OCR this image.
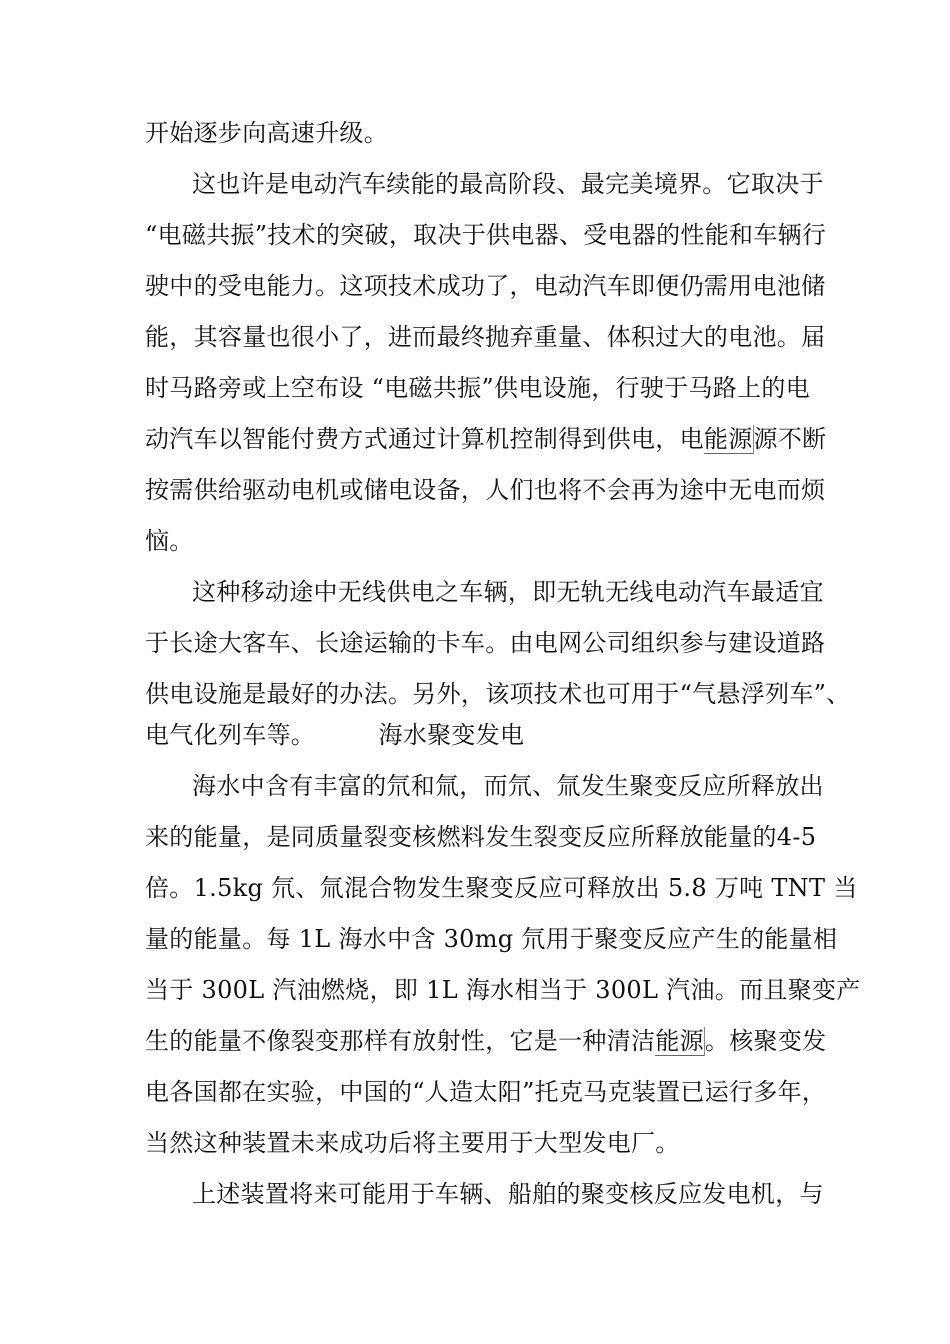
开始逐步向高速升级。
这也许是电动汽车续能的最高阶段、最完美境界。它取决于
“电磁共振”技术的突破，取决于供电器、受电器的性能和车辆行
驶中的受电能力。这项技术成功了，电动汽车即便仍需用电池储
能，其容量也很小了，进而最终抛弃重量、体积过大的电池。届
时马路旁或上空布设 “电磁共振”供电设施，行驶于马路上的电
动汽车以智能付费方式通过计算机控制得到供电，电能源源不断
按需供给驱动电机或储电设备，人们也将不会再为途中无电而烦
恼。
这种移动途中无线供电之车辆，即无轨无线电动汽车最适宜
于长途大客车、长途运输的卡车。由电网公司组织参与建设道路
供电设施是最好的办法。另外，该项技术也可用于“气悬浮列车”、
电气化列车等。        海水聚变发电
海水中含有丰富的氘和氚，而氘、氚发生聚变反应所释放出
来的能量，是同质量裂变核燃料发生裂变反应所释放能量的4-5
倍。1.5kg 氘、氚混合物发生聚变反应可释放出 5.8 万吨 TNT 当
量的能量。每 1L 海水中含 30mg 氘用于聚变反应产生的能量相
当于 300L 汽油燃烧，即 1L 海水相当于 300L 汽油。而且聚变产
生的能量不像裂变那样有放射性，它是一种清洁能源。核聚变发
电各国都在实验，中国的“人造太阳”托克马克装置已运行多年，
当然这种装置未来成功后将主要用于大型发电厂。
上述装置将来可能用于车辆、船舶的聚变核反应发电机，与
